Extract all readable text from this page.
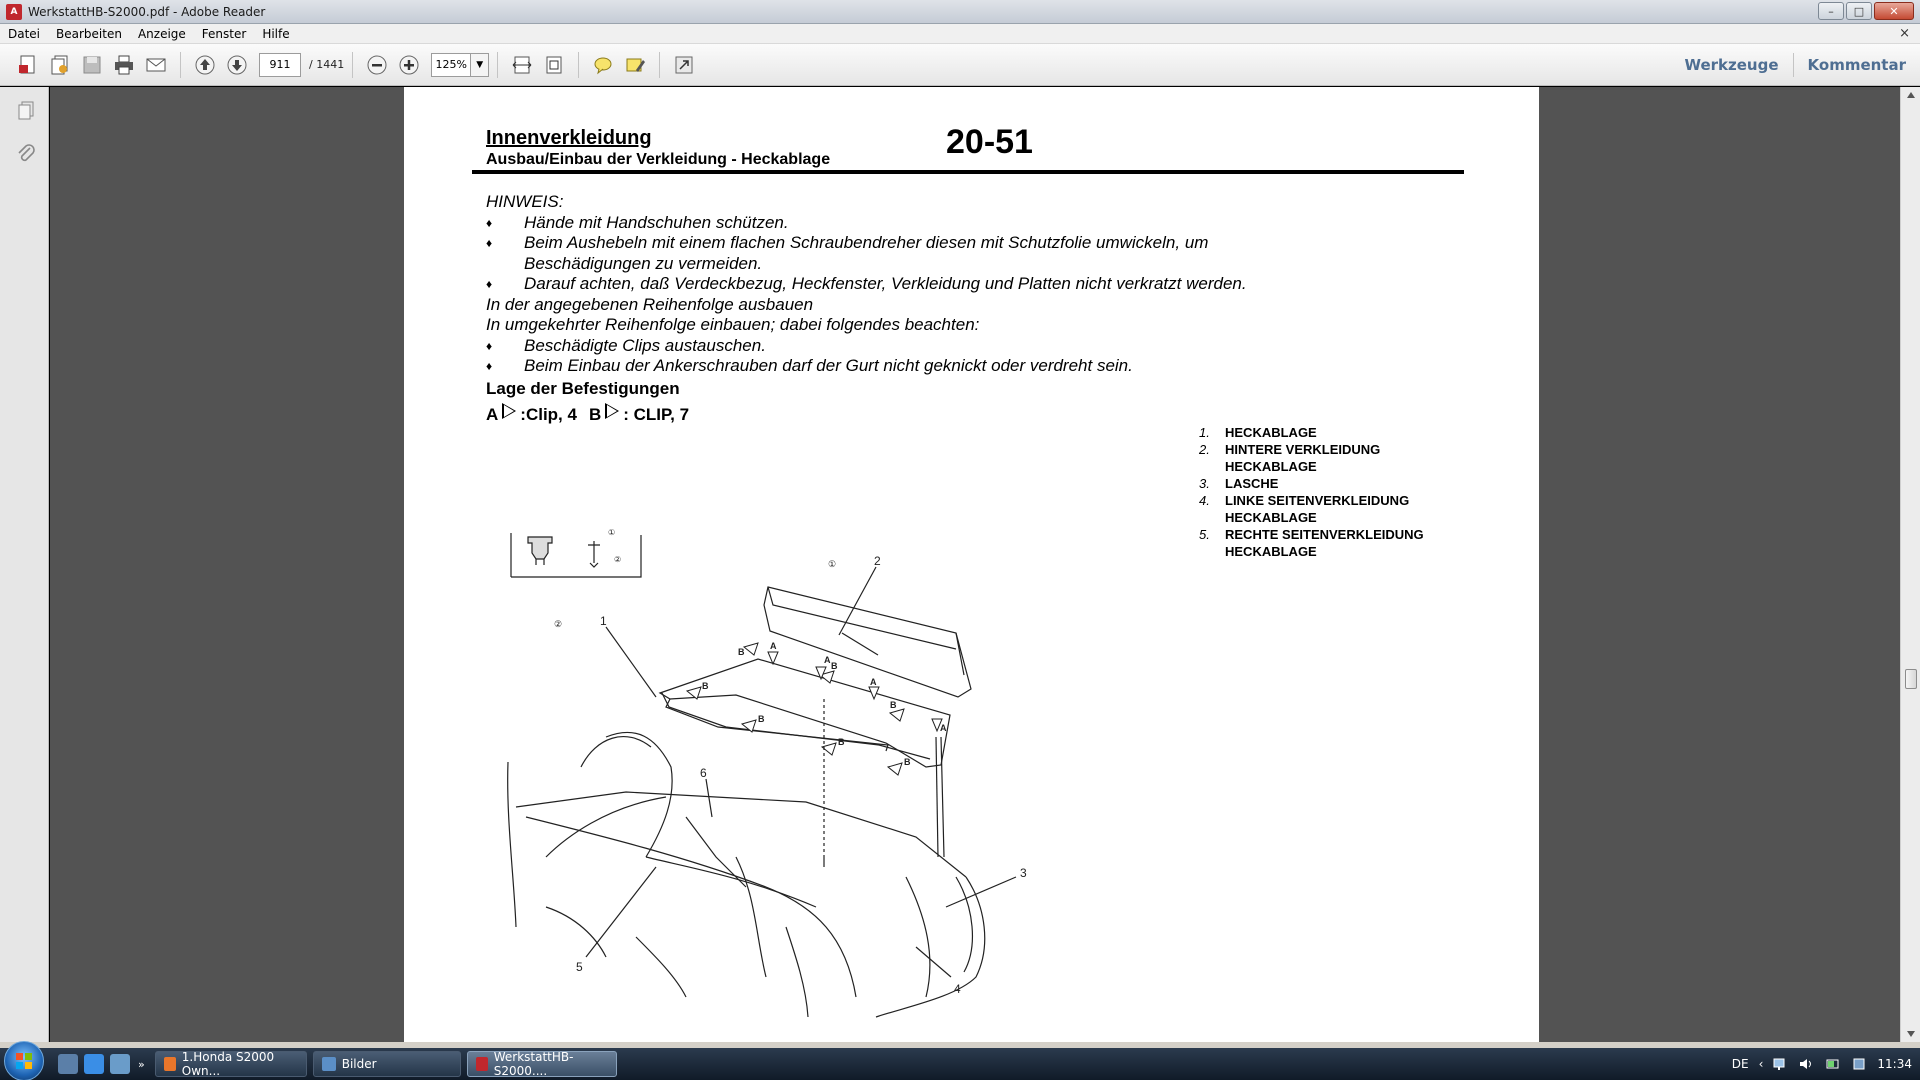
A WerkstattHB-S2000.pdf - Adobe Reader	–	□	✕
Datei	Bearbeiten	Anzeige	Fenster	Hilfe	×
911	/ 1441	125%	▼	Werkzeuge	Kommentar
Innenverkleidung
Ausbau/Einbau der Verkleidung - Heckablage	20-51
HINWEIS:
♦ Hände mit Handschuhen schützen.
♦ Beim Aushebeln mit einem flachen Schraubendreher diesen mit Schutzfolie umwickeln, um
Beschädigungen zu vermeiden.
♦ Darauf achten, daß Verdeckbezug, Heckfenster, Verkleidung und Platten nicht verkratzt werden.
In der angegebenen Reihenfolge ausbauen
In umgekehrter Reihenfolge einbauen; dabei folgendes beachten:
♦ Beschädigte Clips austauschen.
♦ Beim Einbau der Ankerschrauben darf der Gurt nicht geknickt oder verdreht sein.
Lage der Befestigungen
A :Clip, 4 B : CLIP, 7
1.	HECKABLAGE
2.	HINTERE VERKLEIDUNG HECKABLAGE
3.	LASCHE
4.	LINKE SEITENVERKLEIDUNG HECKABLAGE
5.	RECHTE SEITENVERKLEIDUNG HECKABLAGE
①
②
B
B
B
B
B
B
B
A
A
A
A
1
2
3
4
5
6
①
②
»	1.Honda S2000 Own...	Bilder	WerkstattHB-S2000....	DE ‹	11:34
